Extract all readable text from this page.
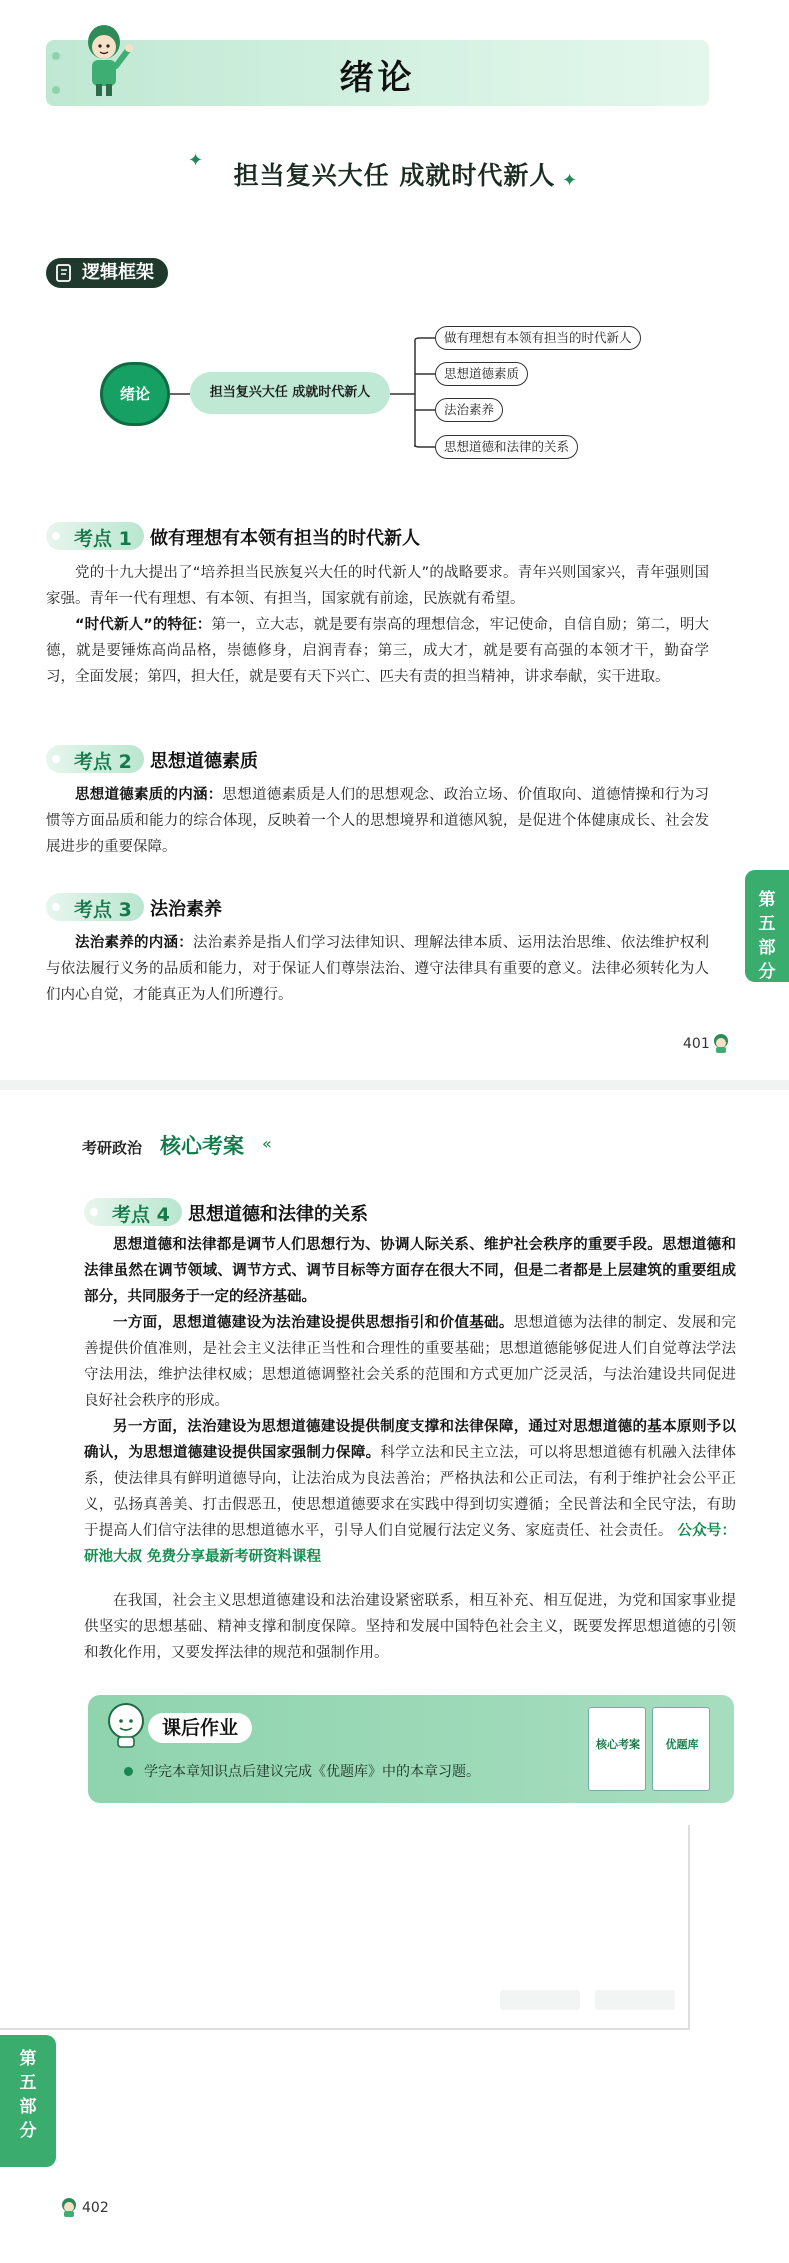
绪论
✦
担当复兴大任 成就时代新人 ✦
逻辑框架
绪论	担当复兴大任 成就时代新人
做有理想有本领有担当的时代新人
思想道德素质
法治素养
思想道德和法律的关系
考点 1 做有理想有本领有担当的时代新人

党的十九大提出了“培养担当民族复兴大任的时代新人”的战略要求。青年兴则国家兴，青年强则国家强。青年一代有理想、有本领、有担当，国家就有前途，民族就有希望。

“时代新人”的特征：第一，立大志，就是要有崇高的理想信念，牢记使命，自信自励；第二，明大德，就是要锤炼高尚品格，崇德修身，启润青春；第三，成大才，就是要有高强的本领才干，勤奋学习，全面发展；第四，担大任，就是要有天下兴亡、匹夫有责的担当精神，讲求奉献，实干进取。

考点 2 思想道德素质

思想道德素质的内涵：思想道德素质是人们的思想观念、政治立场、价值取向、道德情操和行为习惯等方面品质和能力的综合体现，反映着一个人的思想境界和道德风貌，是促进个体健康成长、社会发展进步的重要保障。

考点 3 法治素养

法治素养的内涵：法治素养是指人们学习法律知识、理解法律本质、运用法治思维、依法维护权利与依法履行义务的品质和能力，对于保证人们尊崇法治、遵守法律具有重要的意义。法律必须转化为人们内心自觉，才能真正为人们所遵行。

第
五
部
分
401
考研政治 核心考案 «
考点 4 思想道德和法律的关系

思想道德和法律都是调节人们思想行为、协调人际关系、维护社会秩序的重要手段。思想道德和法律虽然在调节领域、调节方式、调节目标等方面存在很大不同，但是二者都是上层建筑的重要组成部分，共同服务于一定的经济基础。

一方面，思想道德建设为法治建设提供思想指引和价值基础。思想道德为法律的制定、发展和完善提供价值准则，是社会主义法律正当性和合理性的重要基础；思想道德能够促进人们自觉尊法学法守法用法，维护法律权威；思想道德调整社会关系的范围和方式更加广泛灵活，与法治建设共同促进良好社会秩序的形成。

另一方面，法治建设为思想道德建设提供制度支撑和法律保障，通过对思想道德的基本原则予以确认，为思想道德建设提供国家强制力保障。科学立法和民主立法，可以将思想道德有机融入法律体系，使法律具有鲜明道德导向，让法治成为良法善治；严格执法和公正司法，有利于维护社会公平正义，弘扬真善美、打击假恶丑，使思想道德要求在实践中得到切实遵循；全民普法和全民守法，有助于提高人们信守法律的思想道德水平，引导人们自觉履行法定义务、家庭责任、社会责任。 公众号：研池大叔 免费分享最新考研资料课程

在我国，社会主义思想道德建设和法治建设紧密联系，相互补充、相互促进，为党和国家事业提供坚实的思想基础、精神支撑和制度保障。坚持和发展中国特色社会主义，既要发挥思想道德的引领和教化作用，又要发挥法律的规范和强制作用。

课后作业
学完本章知识点后建议完成《优题库》中的本章习题。
核心考案	优题库
第
五
部
分
402
